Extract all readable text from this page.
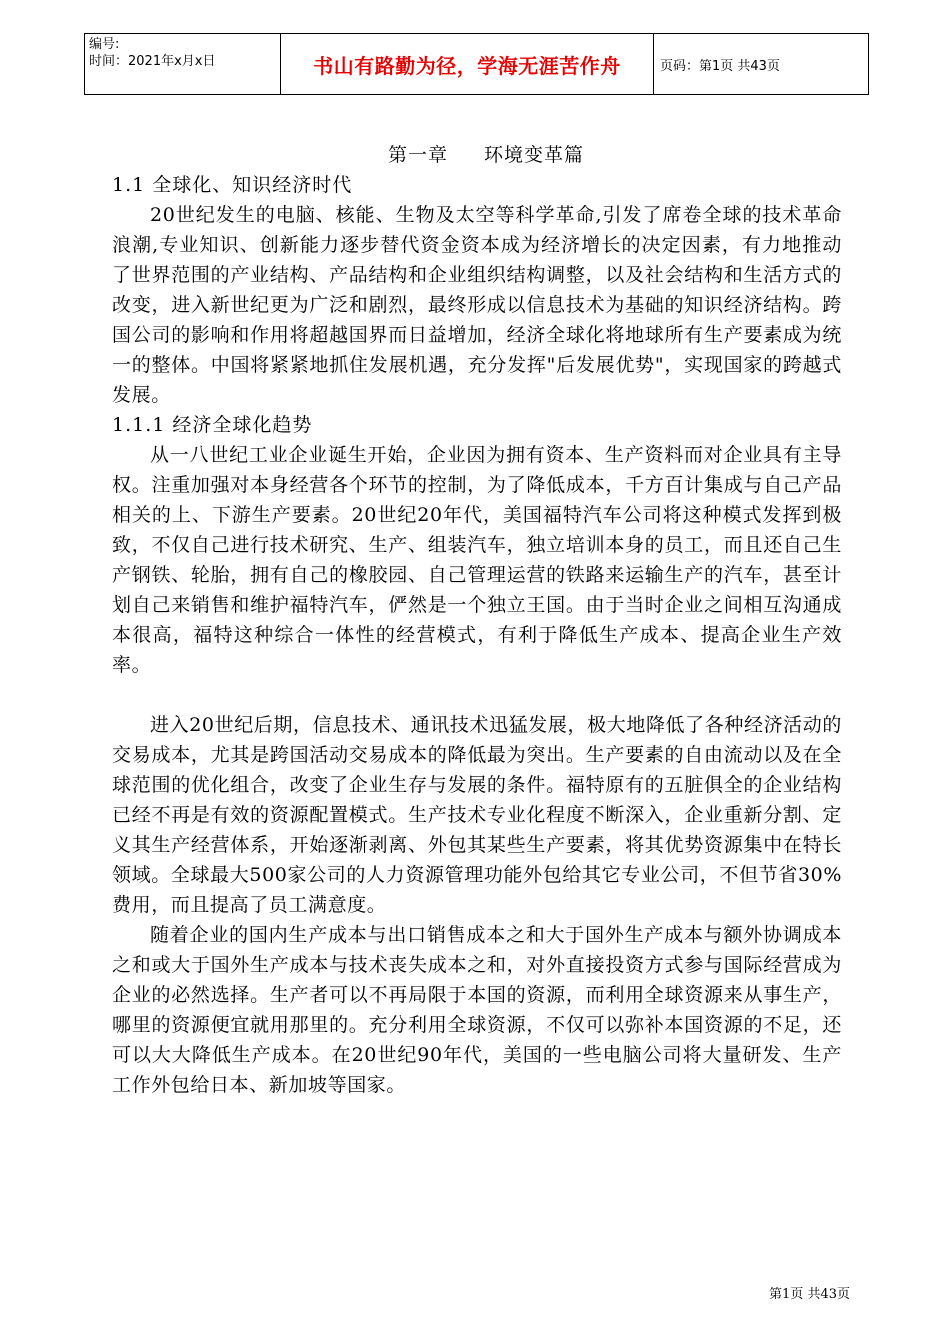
编号:
时间：2021年x月x日	书山有路勤为径，学海无涯苦作舟	页码：第1页 共43页
第一章 环境变革篇
1.1 全球化、知识经济时代

20世纪发生的电脑、核能、生物及太空等科学革命,引发了席卷全球的技术革命浪潮,专业知识、创新能力逐步替代资金资本成为经济增长的决定因素，有力地推动了世界范围的产业结构、产品结构和企业组织结构调整，以及社会结构和生活方式的改变，进入新世纪更为广泛和剧烈，最终形成以信息技术为基础的知识经济结构。跨国公司的影响和作用将超越国界而日益增加，经济全球化将地球所有生产要素成为统一的整体。中国将紧紧地抓住发展机遇，充分发挥"后发展优势"，实现国家的跨越式发展。

1.1.1 经济全球化趋势

从一八世纪工业企业诞生开始，企业因为拥有资本、生产资料而对企业具有主导权。注重加强对本身经营各个环节的控制，为了降低成本，千方百计集成与自己产品相关的上、下游生产要素。20世纪20年代，美国福特汽车公司将这种模式发挥到极致，不仅自己进行技术研究、生产、组装汽车，独立培训本身的员工，而且还自己生产钢铁、轮胎，拥有自己的橡胶园、自己管理运营的铁路来运输生产的汽车，甚至计划自己来销售和维护福特汽车，俨然是一个独立王国。由于当时企业之间相互沟通成本很高，福特这种综合一体性的经营模式，有利于降低生产成本、提高企业生产效率。

进入20世纪后期，信息技术、通讯技术迅猛发展，极大地降低了各种经济活动的交易成本，尤其是跨国活动交易成本的降低最为突出。生产要素的自由流动以及在全球范围的优化组合，改变了企业生存与发展的条件。福特原有的五脏俱全的企业结构已经不再是有效的资源配置模式。生产技术专业化程度不断深入，企业重新分割、定义其生产经营体系，开始逐渐剥离、外包其某些生产要素，将其优势资源集中在特长领域。全球最大500家公司的人力资源管理功能外包给其它专业公司，不但节省30%费用，而且提高了员工满意度。

随着企业的国内生产成本与出口销售成本之和大于国外生产成本与额外协调成本之和或大于国外生产成本与技术丧失成本之和，对外直接投资方式参与国际经营成为企业的必然选择。生产者可以不再局限于本国的资源，而利用全球资源来从事生产，哪里的资源便宜就用那里的。充分利用全球资源，不仅可以弥补本国资源的不足，还可以大大降低生产成本。在20世纪90年代，美国的一些电脑公司将大量研发、生产工作外包给日本、新加坡等国家。

第1页 共43页
